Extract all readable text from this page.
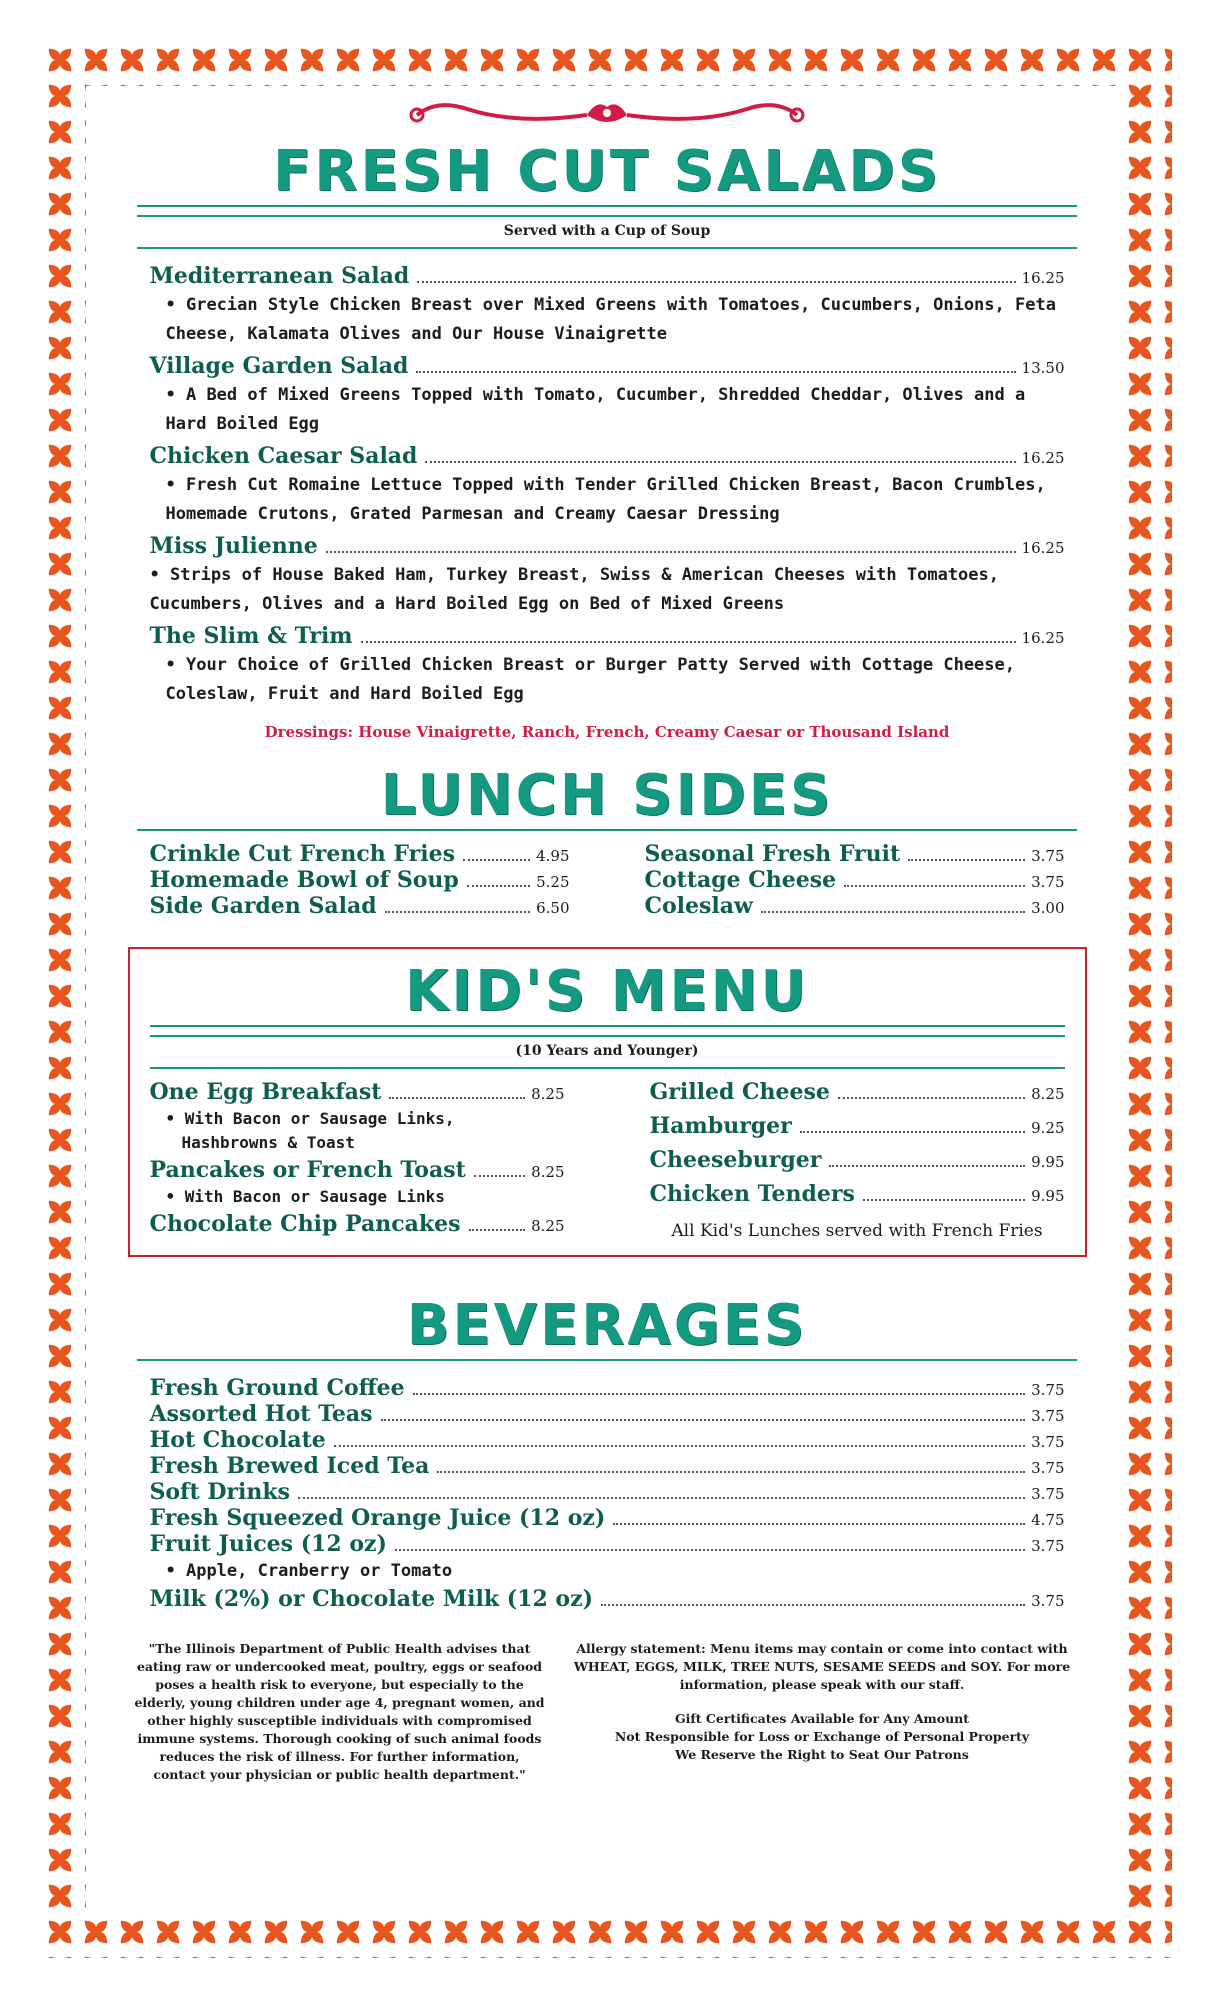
FRESH CUT SALADS
Served with a Cup of Soup
Mediterranean Salad	16.25
• Grecian Style Chicken Breast over Mixed Greens with Tomatoes, Cucumbers, Onions, Feta Cheese, Kalamata Olives and Our House Vinaigrette
Village Garden Salad	13.50
• A Bed of Mixed Greens Topped with Tomato, Cucumber, Shredded Cheddar, Olives and a Hard Boiled Egg
Chicken Caesar Salad	16.25
• Fresh Cut Romaine Lettuce Topped with Tender Grilled Chicken Breast, Bacon Crumbles, Homemade Crutons, Grated Parmesan and Creamy Caesar Dressing
Miss Julienne	16.25
• Strips of House Baked Ham, Turkey Breast, Swiss & American Cheeses with Tomatoes, Cucumbers, Olives and a Hard Boiled Egg on Bed of Mixed Greens
The Slim & Trim	16.25
• Your Choice of Grilled Chicken Breast or Burger Patty Served with Cottage Cheese, Coleslaw, Fruit and Hard Boiled Egg
Dressings: House Vinaigrette, Ranch, French, Creamy Caesar or Thousand Island
LUNCH SIDES
Crinkle Cut French Fries	4.95
Homemade Bowl of Soup	5.25
Side Garden Salad	6.50
Seasonal Fresh Fruit	3.75
Cottage Cheese	3.75
Coleslaw	3.00
KID'S MENU
(10 Years and Younger)
One Egg Breakfast	8.25
• With Bacon or Sausage Links,
Hashbrowns & Toast
Pancakes or French Toast	8.25
• With Bacon or Sausage Links
Chocolate Chip Pancakes	8.25
Grilled Cheese	8.25
Hamburger	9.25
Cheeseburger	9.95
Chicken Tenders	9.95
All Kid's Lunches served with French Fries
BEVERAGES
Fresh Ground Coffee	3.75
Assorted Hot Teas	3.75
Hot Chocolate	3.75
Fresh Brewed Iced Tea	3.75
Soft Drinks	3.75
Fresh Squeezed Orange Juice (12 oz)	4.75
Fruit Juices (12 oz)	3.75
• Apple, Cranberry or Tomato
Milk (2%) or Chocolate Milk (12 oz)	3.75

"The Illinois Department of Public Health advises that eating raw or undercooked meat, poultry, eggs or seafood poses a health risk to everyone, but especially to the elderly, young children under age 4, pregnant women, and other highly susceptible individuals with compromised immune systems. Thorough cooking of such animal foods reduces the risk of illness. For further information, contact your physician or public health department."

Allergy statement: Menu items may contain or come into contact with WHEAT, EGGS, MILK, TREE NUTS, SESAME SEEDS and SOY. For more information, please speak with our staff.

Gift Certificates Available for Any Amount

Not Responsible for Loss or Exchange of Personal Property

We Reserve the Right to Seat Our Patrons
